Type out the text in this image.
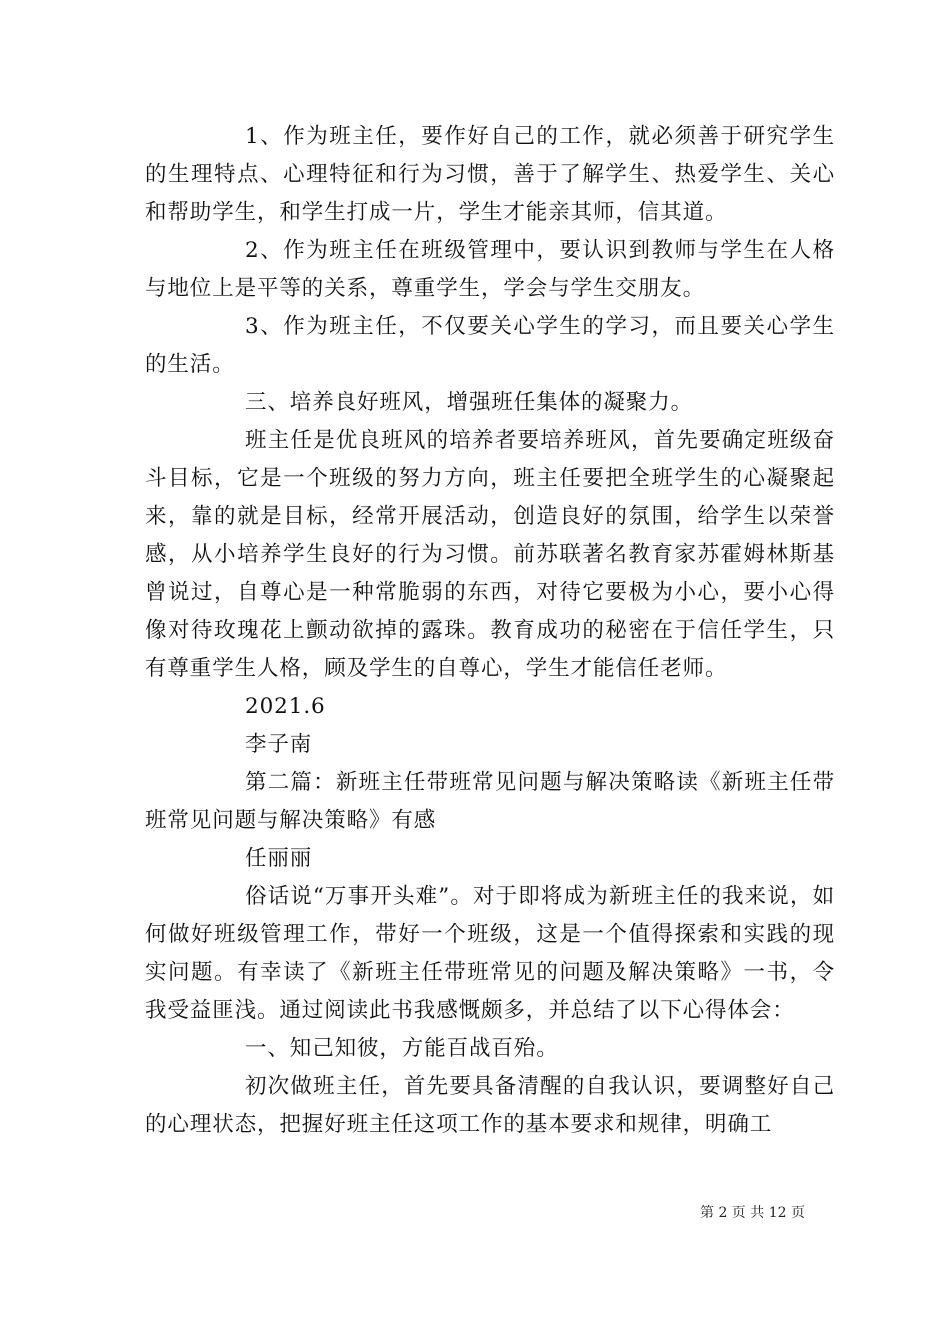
1、作为班主任，要作好自己的工作，就必须善于研究学生的生理特点、心理特征和行为习惯，善于了解学生、热爱学生、关心和帮助学生，和学生打成一片，学生才能亲其师，信其道。

2、作为班主任在班级管理中，要认识到教师与学生在人格与地位上是平等的关系，尊重学生，学会与学生交朋友。

3、作为班主任，不仅要关心学生的学习，而且要关心学生的生活。

三、培养良好班风，增强班任集体的凝聚力。

班主任是优良班风的培养者要培养班风，首先要确定班级奋斗目标，它是一个班级的努力方向，班主任要把全班学生的心凝聚起来，靠的就是目标，经常开展活动，创造良好的氛围，给学生以荣誉感，从小培养学生良好的行为习惯。前苏联著名教育家苏霍姆林斯基曾说过，自尊心是一种常脆弱的东西，对待它要极为小心，要小心得像对待玫瑰花上颤动欲掉的露珠。教育成功的秘密在于信任学生，只有尊重学生人格，顾及学生的自尊心，学生才能信任老师。

2021.6

李子南

第二篇：新班主任带班常见问题与解决策略读《新班主任带班常见问题与解决策略》有感

任丽丽

俗话说“万事开头难”。对于即将成为新班主任的我来说，如何做好班级管理工作，带好一个班级，这是一个值得探索和实践的现实问题。有幸读了《新班主任带班常见的问题及解决策略》一书，令我受益匪浅。通过阅读此书我感慨颇多，并总结了以下心得体会：

一、知己知彼，方能百战百殆。

初次做班主任，首先要具备清醒的自我认识，要调整好自己的心理状态，把握好班主任这项工作的基本要求和规律，明确工

第 2 页 共 12 页
